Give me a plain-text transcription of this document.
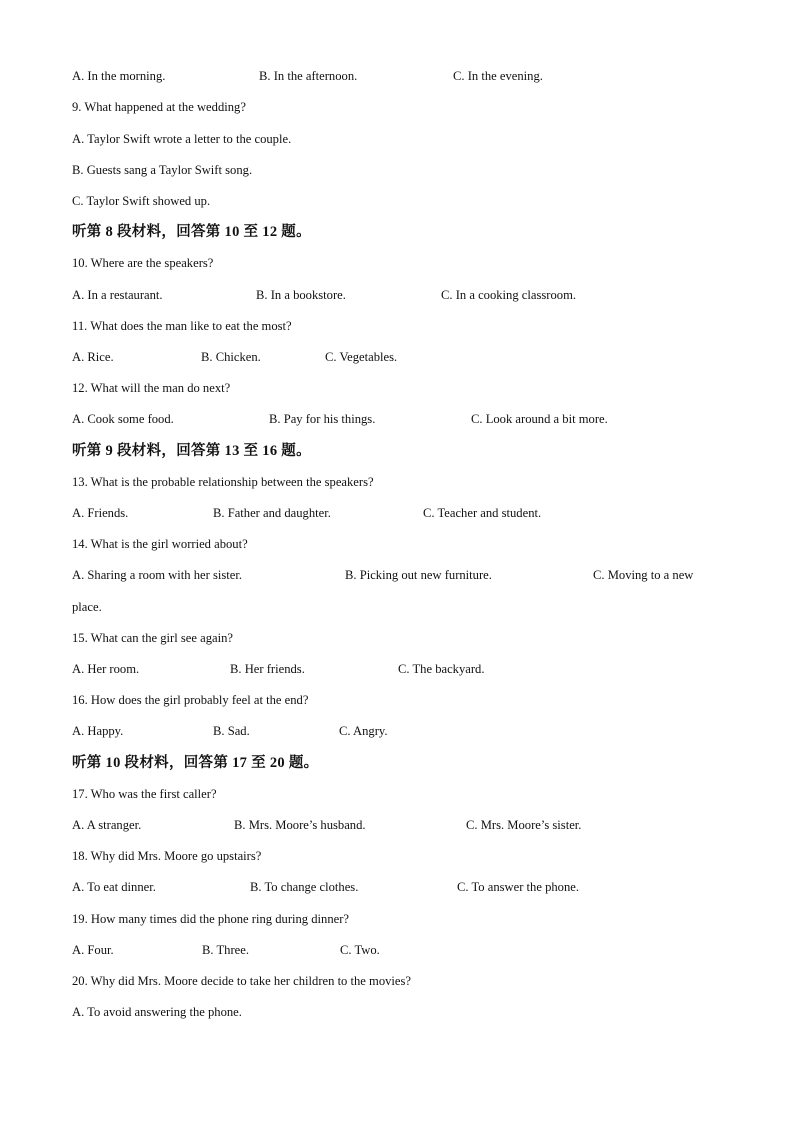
A. In the morning.	B. In the afternoon.	C. In the evening.
9. What happened at the wedding?
A. Taylor Swift wrote a letter to the couple.
B. Guests sang a Taylor Swift song.
C. Taylor Swift showed up.
听第 8 段材料，回答第 10 至 12 题。
10. Where are the speakers?
A. In a restaurant.	B. In a bookstore.	C. In a cooking classroom.
11. What does the man like to eat the most?
A. Rice.	B. Chicken.	C. Vegetables.
12. What will the man do next?
A. Cook some food.	B. Pay for his things.	C. Look around a bit more.
听第 9 段材料，回答第 13 至 16 题。
13. What is the probable relationship between the speakers?
A. Friends.	B. Father and daughter.	C. Teacher and student.
14. What is the girl worried about?
A. Sharing a room with her sister.	B. Picking out new furniture.	C. Moving to a new
place.
15. What can the girl see again?
A. Her room.	B. Her friends.	C. The backyard.
16. How does the girl probably feel at the end?
A. Happy.	B. Sad.	C. Angry.
听第 10 段材料，回答第 17 至 20 题。
17. Who was the first caller?
A. A stranger.	B. Mrs. Moore’s husband.	C. Mrs. Moore’s sister.
18. Why did Mrs. Moore go upstairs?
A. To eat dinner.	B. To change clothes.	C. To answer the phone.
19. How many times did the phone ring during dinner?
A. Four.	B. Three.	C. Two.
20. Why did Mrs. Moore decide to take her children to the movies?
A. To avoid answering the phone.
